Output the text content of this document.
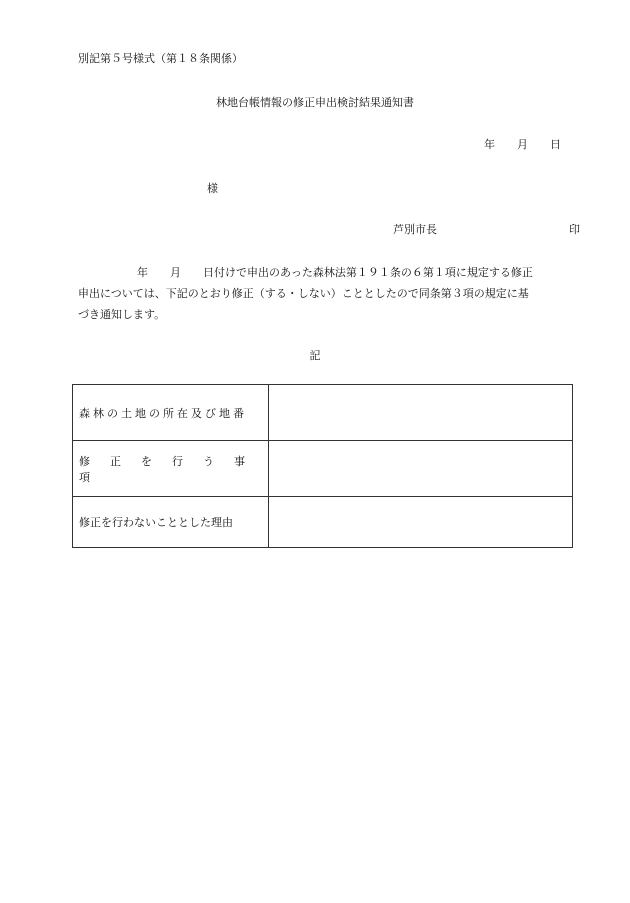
別記第５号様式（第１８条関係）
林地台帳情報の修正申出検討結果通知書
年 月 日
様
芦別市長	印
年 月 日付けで申出のあった森林法第１９１条の６第１項に規定する修正
申出については、下記のとおり修正（する・しない）こととしたので同条第３項の規定に基
づき通知します。
記
森林の土地の所在及び地番	
修正を行う事項	
修正を行わないこととした理由	
